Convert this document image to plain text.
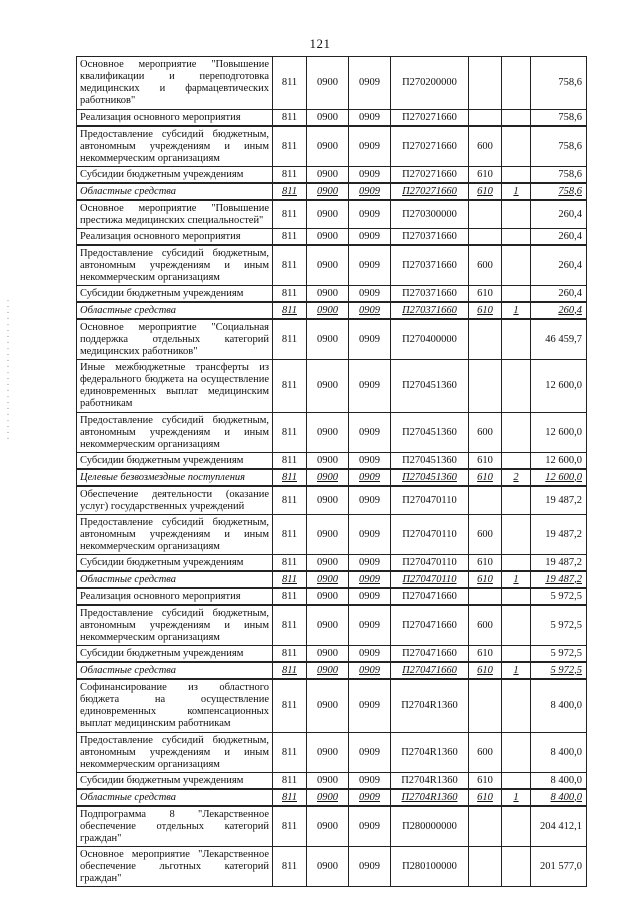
121
Основное мероприятие "Повышение квалификации и переподготовка медицинских и фармацевтических работников"	811	0900	0909	П270200000			758,6
Реализация основного мероприятия	811	0900	0909	П270271660			758,6
Предоставление субсидий бюджетным, автономным учреждениям и иным некоммерческим организациям	811	0900	0909	П270271660	600		758,6
Субсидии бюджетным учреждениям	811	0900	0909	П270271660	610		758,6
Областные средства	811	0900	0909	П270271660	610	1	758,6
Основное мероприятие "Повышение престижа медицинских специальностей"	811	0900	0909	П270300000			260,4
Реализация основного мероприятия	811	0900	0909	П270371660			260,4
Предоставление субсидий бюджетным, автономным учреждениям и иным некоммерческим организациям	811	0900	0909	П270371660	600		260,4
Субсидии бюджетным учреждениям	811	0900	0909	П270371660	610		260,4
Областные средства	811	0900	0909	П270371660	610	1	260,4
Основное мероприятие "Социальная поддержка отдельных категорий медицинских работников"	811	0900	0909	П270400000			46 459,7
Иные межбюджетные трансферты из федерального бюджета на осуществление единовременных выплат медицинским работникам	811	0900	0909	П270451360			12 600,0
Предоставление субсидий бюджетным, автономным учреждениям и иным некоммерческим организациям	811	0900	0909	П270451360	600		12 600,0
Субсидии бюджетным учреждениям	811	0900	0909	П270451360	610		12 600,0
Целевые безвозмездные поступления	811	0900	0909	П270451360	610	2	12 600,0
Обеспечение деятельности (оказание услуг) государственных учреждений	811	0900	0909	П270470110			19 487,2
Предоставление субсидий бюджетным, автономным учреждениям и иным некоммерческим организациям	811	0900	0909	П270470110	600		19 487,2
Субсидии бюджетным учреждениям	811	0900	0909	П270470110	610		19 487,2
Областные средства	811	0900	0909	П270470110	610	1	19 487,2
Реализация основного мероприятия	811	0900	0909	П270471660			5 972,5
Предоставление субсидий бюджетным, автономным учреждениям и иным некоммерческим организациям	811	0900	0909	П270471660	600		5 972,5
Субсидии бюджетным учреждениям	811	0900	0909	П270471660	610		5 972,5
Областные средства	811	0900	0909	П270471660	610	1	5 972,5
Софинансирование из областного бюджета на осуществление единовременных компенсационных выплат медицинским работникам	811	0900	0909	П2704R1360			8 400,0
Предоставление субсидий бюджетным, автономным учреждениям и иным некоммерческим организациям	811	0900	0909	П2704R1360	600		8 400,0
Субсидии бюджетным учреждениям	811	0900	0909	П2704R1360	610		8 400,0
Областные средства	811	0900	0909	П2704R1360	610	1	8 400,0
Подпрограмма 8 "Лекарственное обеспечение отдельных категорий граждан"	811	0900	0909	П280000000			204 412,1
Основное мероприятие "Лекарственное обеспечение льготных категорий граждан"	811	0900	0909	П280100000			201 577,0
